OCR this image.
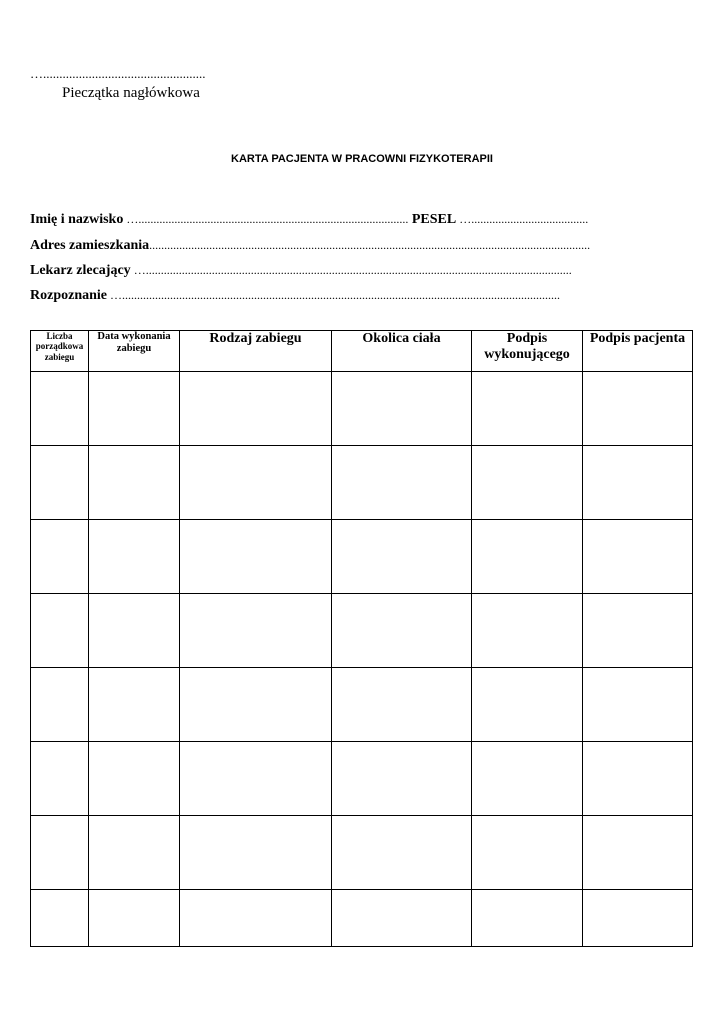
…..................................................
Pieczątka nagłówkowa
KARTA PACJENTA W PRACOWNI FIZYKOTERAPII
Imię i nazwisko ….......................................................................................... PESEL ….......................................
Adres zamieszkania...................................................................................................................................................
Lekarz zlecający …..............................................................................................................................................
Rozpoznanie …..................................................................................................................................................
Liczba porządkowa zabiegu	Data wykonania zabiegu	Rodzaj zabiegu	Okolica ciała	Podpis wykonującego	Podpis pacjenta
